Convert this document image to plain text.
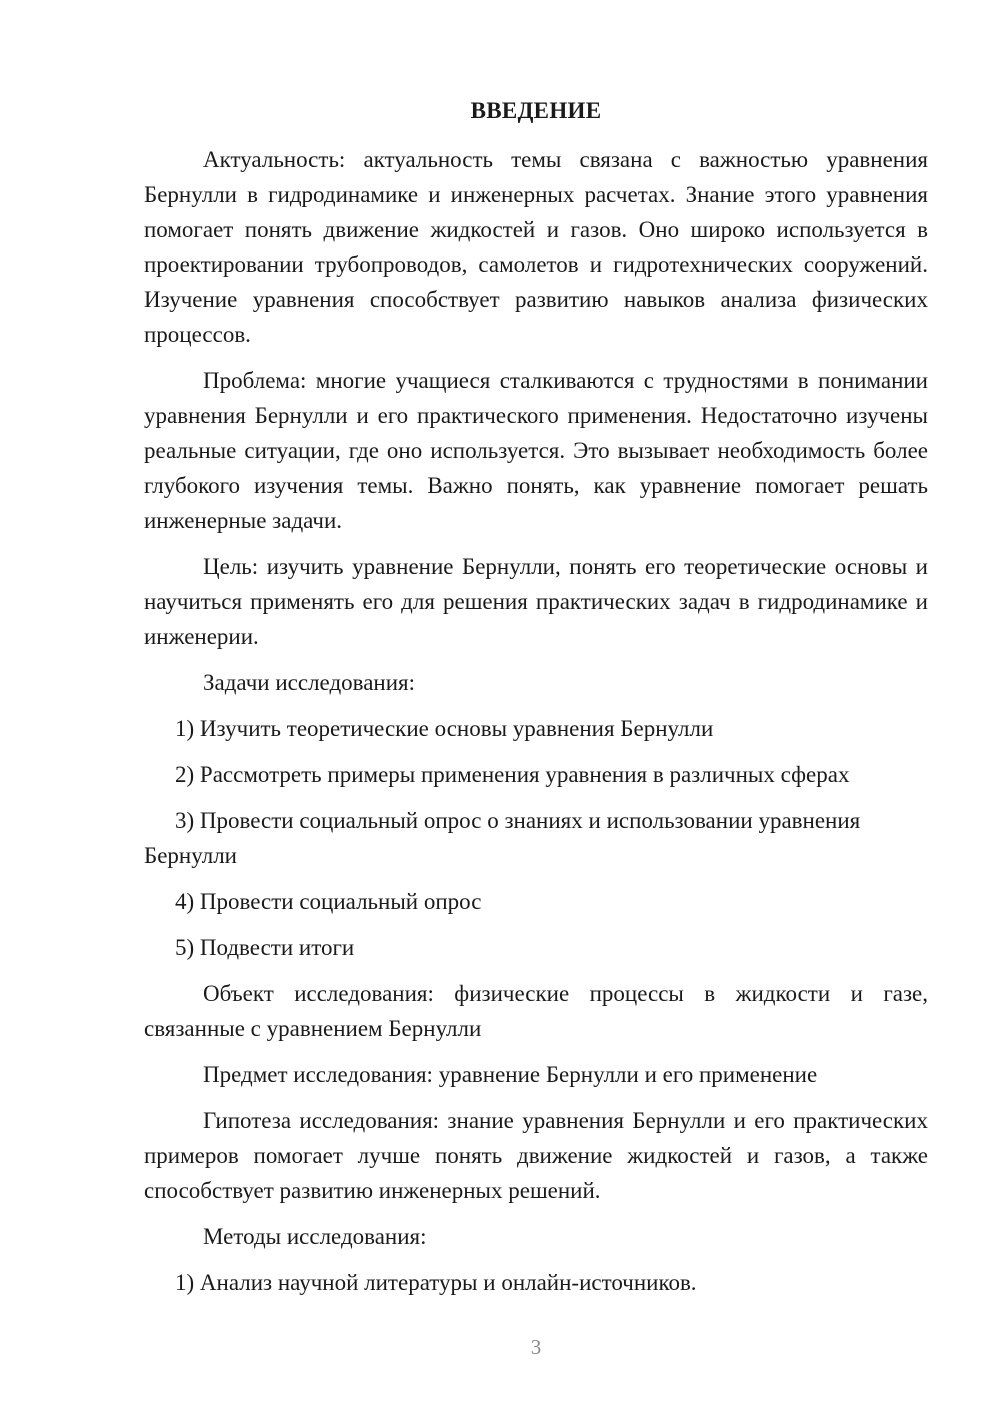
ВВЕДЕНИЕ

Актуальность: актуальность темы связана с важностью уравнения Бернулли в гидродинамике и инженерных расчетах. Знание этого уравнения помогает понять движение жидкостей и газов. Оно широко используется в проектировании трубопроводов, самолетов и гидротехнических сооружений. Изучение уравнения способствует развитию навыков анализа физических процессов.

Проблема: многие учащиеся сталкиваются с трудностями в понимании уравнения Бернулли и его практического применения. Недостаточно изучены реальные ситуации, где оно используется. Это вызывает необходимость более глубокого изучения темы. Важно понять, как уравнение помогает решать инженерные задачи.

Цель: изучить уравнение Бернулли, понять его теоретические основы и научиться применять его для решения практических задач в гидродинамике и инженерии.

Задачи исследования:

1) Изучить теоретические основы уравнения Бернулли

2) Рассмотреть примеры применения уравнения в различных сферах

3) Провести социальный опрос о знаниях и использовании уравнения Бернулли

4) Провести социальный опрос

5) Подвести итоги

Объект исследования: физические процессы в жидкости и газе, связанные с уравнением Бернулли

Предмет исследования: уравнение Бернулли и его применение

Гипотеза исследования: знание уравнения Бернулли и его практических примеров помогает лучше понять движение жидкостей и газов, а также способствует развитию инженерных решений.

Методы исследования:

1) Анализ научной литературы и онлайн-источников.

3
